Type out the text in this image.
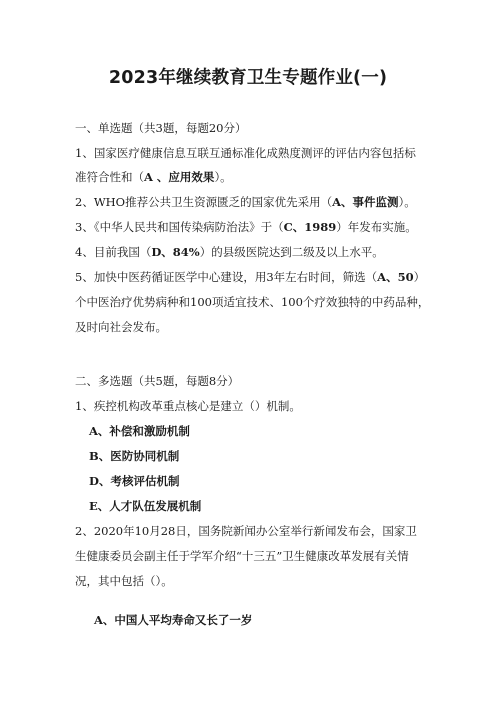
2023年继续教育卫生专题作业(一)
一、单选题（共3题，每题20分）
1、国家医疗健康信息互联互通标准化成熟度测评的评估内容包括标
准符合性和（A 、应用效果）。
2、WHO推荐公共卫生资源匮乏的国家优先采用（A、事件监测）。
3、《中华人民共和国传染病防治法》于（C、1989）年发布实施。
4、目前我国（D、84%）的县级医院达到二级及以上水平。
5、加快中医药循证医学中心建设，用3年左右时间，筛选（A、50）
个中医治疗优势病种和100项适宜技术、100个疗效独特的中药品种，
及时向社会发布。
二、多选题（共5题，每题8分）
1、疾控机构改革重点核心是建立（）机制。
A、补偿和激励机制
B、医防协同机制
D、考核评估机制
E、人才队伍发展机制
2、2020年10月28日，国务院新闻办公室举行新闻发布会，国家卫
生健康委员会副主任于学军介绍“十三五”卫生健康改革发展有关情
况，其中包括（）。
A、中国人平均寿命又长了一岁
